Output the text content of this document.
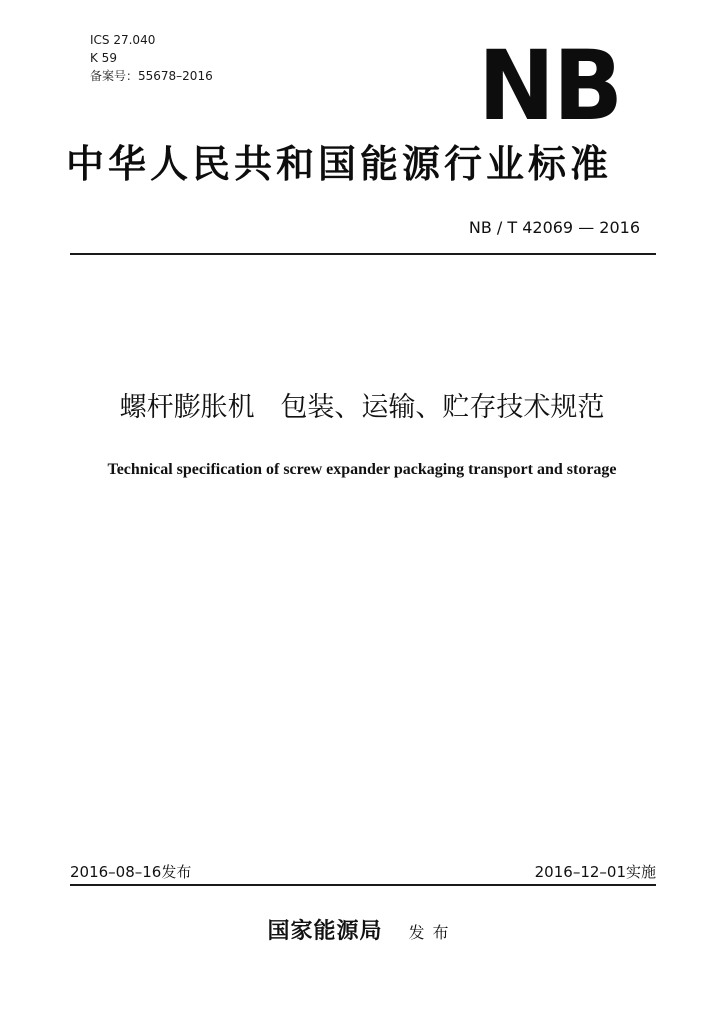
ICS 27.040
K 59
备案号：55678–2016	NB
中华人民共和国能源行业标准
NB / T 42069 — 2016
螺杆膨胀机   包装、运输、贮存技术规范
Technical specification of screw expander packaging transport and storage
2016–08–16发布	2016–12–01实施
国家能源局 发布
